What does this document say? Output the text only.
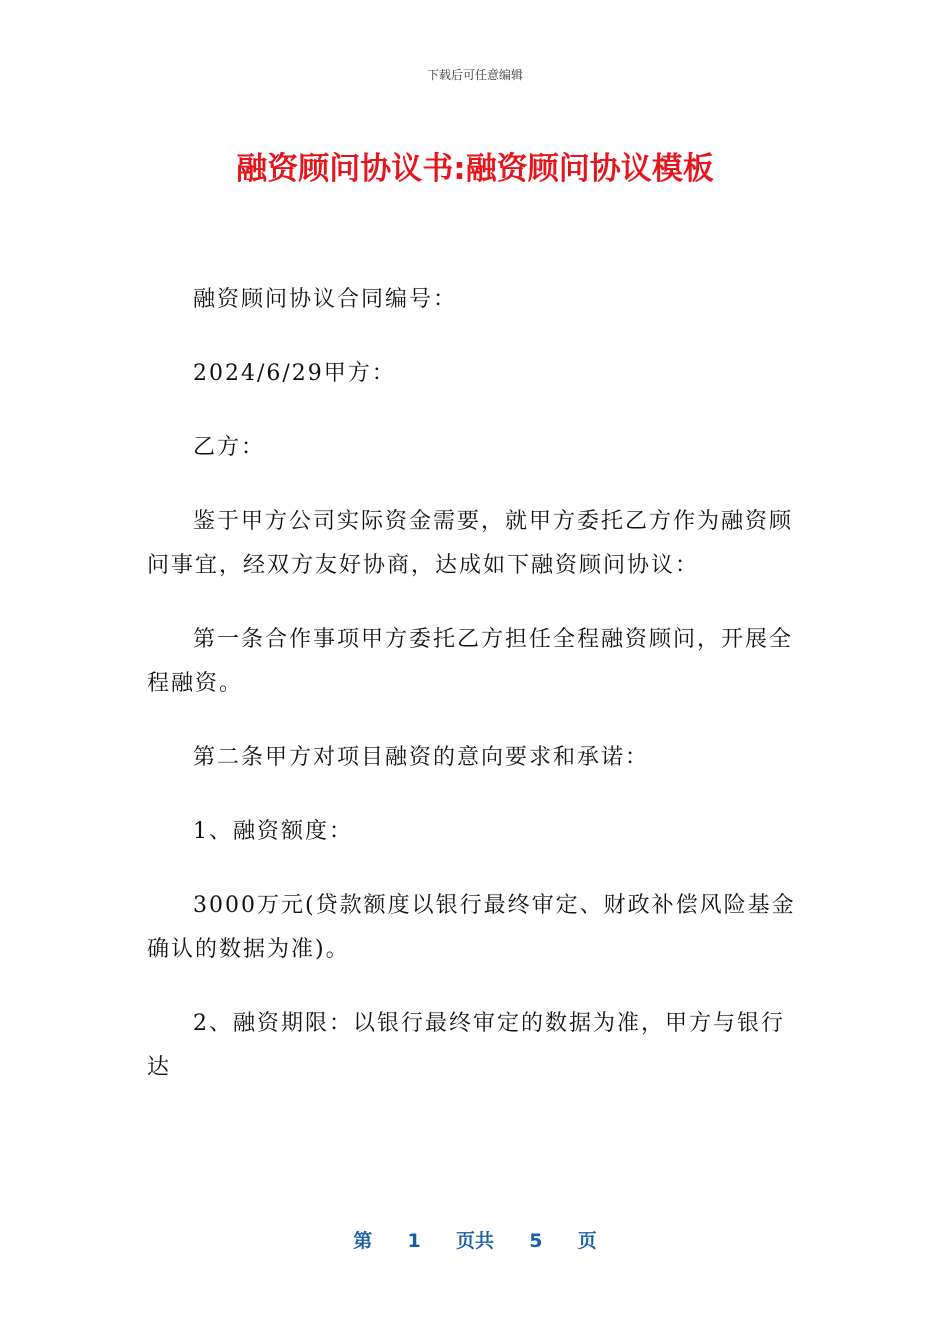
下载后可任意编辑
融资顾问协议书:融资顾问协议模板

融资顾问协议合同编号：

2024/6/29甲方：

乙方：

鉴于甲方公司实际资金需要，就甲方委托乙方作为融资顾问事宜，经双方友好协商，达成如下融资顾问协议：

第一条合作事项甲方委托乙方担任全程融资顾问，开展全程融资。

第二条甲方对项目融资的意向要求和承诺：

1、融资额度：

3000万元(贷款额度以银行最终审定、财政补偿风险基金确认的数据为准)。

2、融资期限：以银行最终审定的数据为准，甲方与银行达

第 1 页共 5 页
